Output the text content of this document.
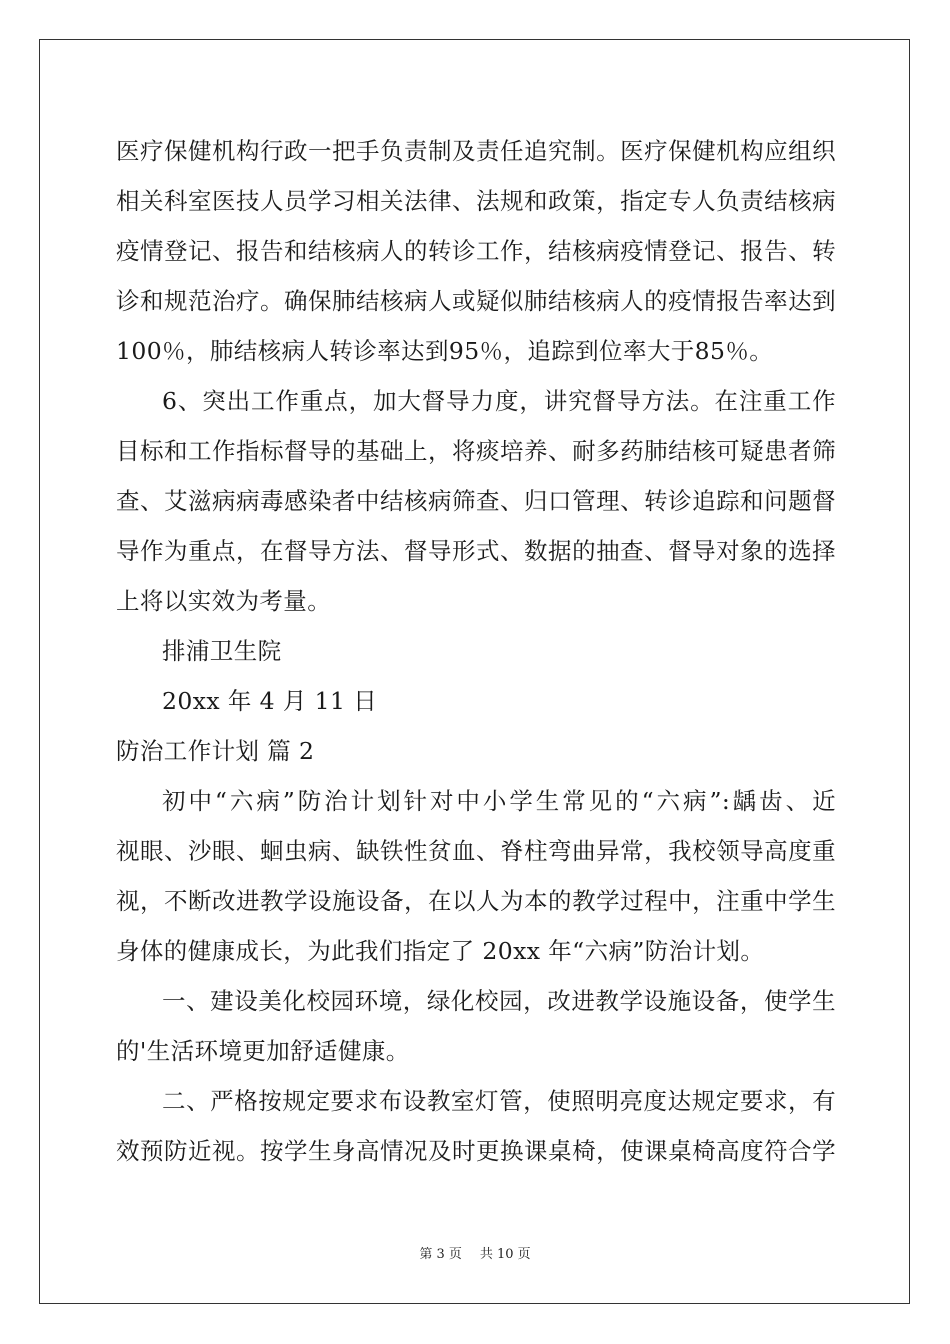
医疗保健机构行政一把手负责制及责任追究制。医疗保健机构应组织
相关科室医技人员学习相关法律、法规和政策，指定专人负责结核病
疫情登记、报告和结核病人的转诊工作，结核病疫情登记、报告、转
诊和规范治疗。确保肺结核病人或疑似肺结核病人的疫情报告率达到
100％，肺结核病人转诊率达到95％，追踪到位率大于85％。
6、突出工作重点，加大督导力度，讲究督导方法。在注重工作
目标和工作指标督导的基础上，将痰培养、耐多药肺结核可疑患者筛
查、艾滋病病毒感染者中结核病筛查、归口管理、转诊追踪和问题督
导作为重点，在督导方法、督导形式、数据的抽查、督导对象的选择
上将以实效为考量。
排浦卫生院
20xx 年 4 月 11 日
防治工作计划 篇 2
初中“六病”防治计划针对中小学生常见的“六病”:龋齿、近
视眼、沙眼、蛔虫病、缺铁性贫血、脊柱弯曲异常，我校领导高度重
视，不断改进教学设施设备，在以人为本的教学过程中，注重中学生
身体的健康成长，为此我们指定了 20xx 年“六病”防治计划。
一、建设美化校园环境，绿化校园，改进教学设施设备，使学生
的'生活环境更加舒适健康。
二、严格按规定要求布设教室灯管，使照明亮度达规定要求，有
效预防近视。按学生身高情况及时更换课桌椅，使课桌椅高度符合学
第 3 页 共 10 页
